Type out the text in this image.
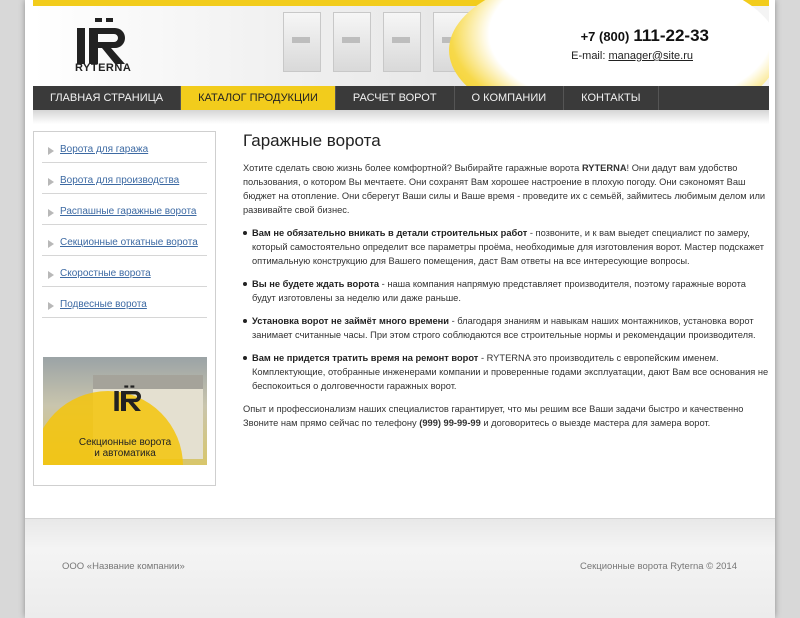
RYTERNA
+7 (800) 111-22-33
E-mail: manager@site.ru
ГЛАВНАЯ СТРАНИЦА	КАТАЛОГ ПРОДУКЦИИ	РАСЧЕТ ВОРОТ	О КОМПАНИИ	КОНТАКТЫ
Ворота для гаража
Ворота для производства
Распашные гаражные ворота
Секционные откатные ворота
Скоростные ворота
Подвесные ворота
Секционные ворота
и автоматика
Гаражные ворота

Хотите сделать свою жизнь более комфортной? Выбирайте гаражные ворота RYTERNA! Они дадут вам удобство пользования, о котором Вы мечтаете. Они сохранят Вам хорошее настроение в плохую погоду. Они сэкономят Ваш бюджет на отопление. Они сберегут Ваши силы и Ваше время - проведите их с семьёй, займитесь любимым делом или развивайте свой бизнес.

Вам не обязательно вникать в детали строительных работ - позвоните, и к вам выедет специалист по замеру, который самостоятельно определит все параметры проёма, необходимые для изготовления ворот. Мастер подскажет оптимальную конструкцию для Вашего помещения, даст Вам ответы на все интересующие вопросы.

Вы не будете ждать ворота - наша компания напрямую представляет производителя, поэтому гаражные ворота будут изготовлены за неделю или даже раньше.

Установка ворот не займёт много времени - благодаря знаниям и навыкам наших монтажников, установка ворот занимает считанные часы. При этом строго соблюдаются все строительные нормы и рекомендации производителя.

Вам не придется тратить время на ремонт ворот - RYTERNA это производитель с европейским именем. Комплектующие, отобранные инженерами компании и проверенные годами эксплуатации, дают Вам все основания не беспокоиться о долговечности гаражных ворот.

Опыт и профессионализм наших специалистов гарантирует, что мы решим все Ваши задачи быстро и качественно Звоните нам прямо сейчас по телефону (999) 99-99-99 и договоритесь о выезде мастера для замера ворот.

ООО «Название компании»	Секционные ворота Ryterna © 2014
